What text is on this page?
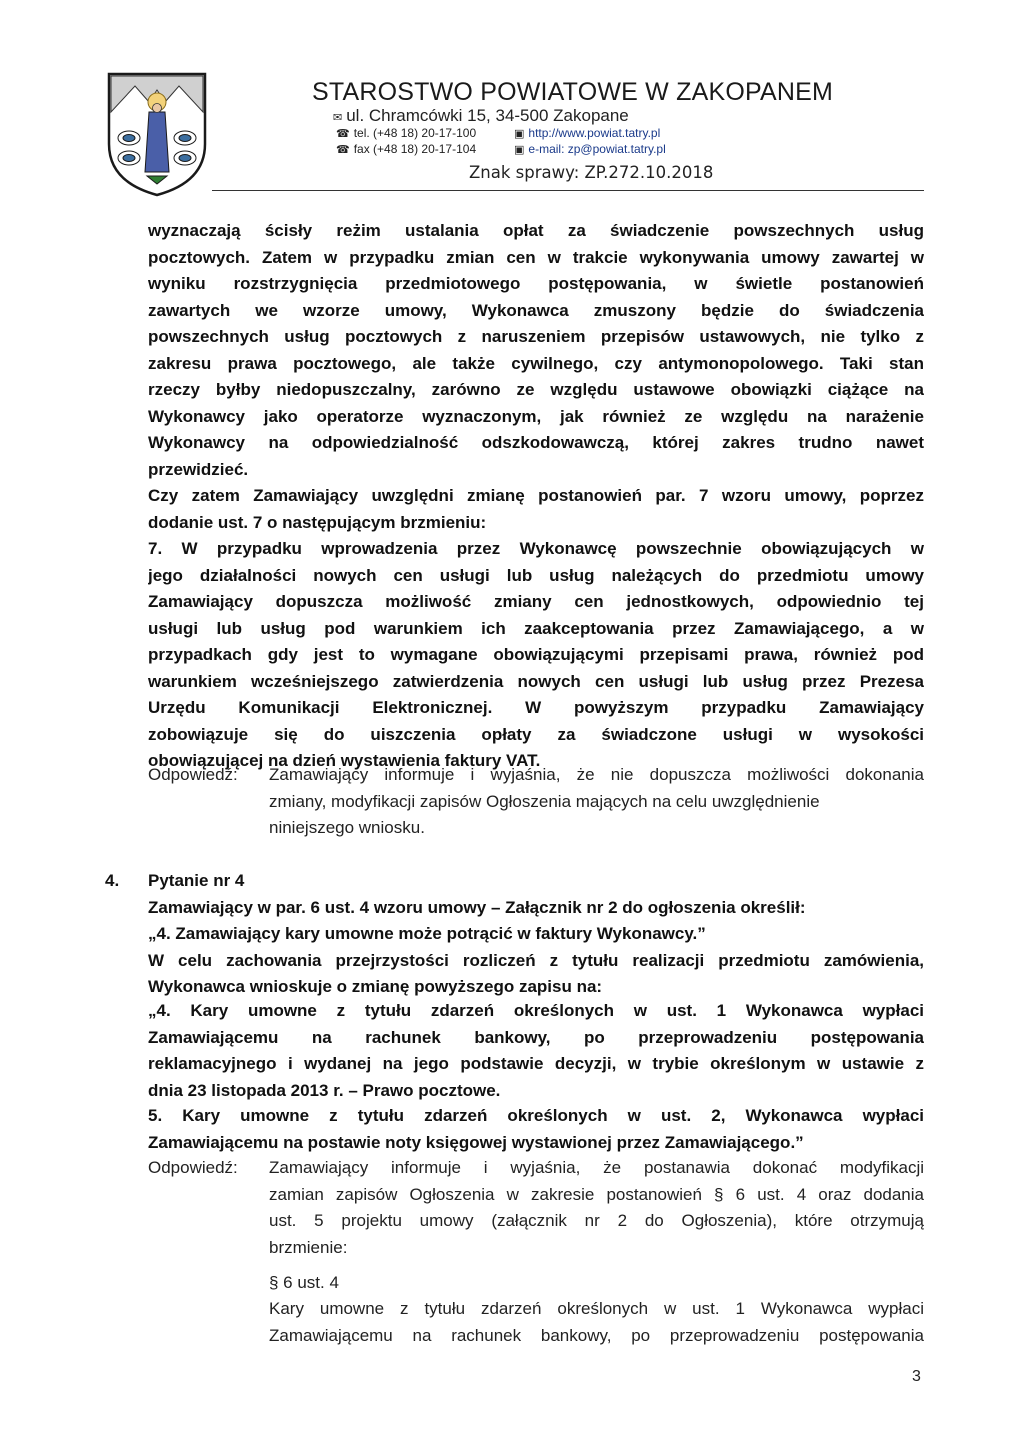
STAROSTWO POWIATOWE W ZAKOPANEM
✉ ul. Chramcówki 15, 34-500 Zakopane
☎ tel. (+48 18) 20-17-100	▣ http://www.powiat.tatry.pl
☎ fax (+48 18) 20-17-104	▣ e-mail: zp@powiat.tatry.pl
Znak sprawy: ZP.272.10.2018
wyznaczają ścisły reżim ustalania opłat za świadczenie powszechnych usług
pocztowych. Zatem w przypadku zmian cen w trakcie wykonywania umowy zawartej w
wyniku rozstrzygnięcia przedmiotowego postępowania, w świetle postanowień
zawartych we wzorze umowy, Wykonawca zmuszony będzie do świadczenia
powszechnych usług pocztowych z naruszeniem przepisów ustawowych, nie tylko z
zakresu prawa pocztowego, ale także cywilnego, czy antymonopolowego. Taki stan
rzeczy byłby niedopuszczalny, zarówno ze względu ustawowe obowiązki ciążące na
Wykonawcy jako operatorze wyznaczonym, jak również ze względu na narażenie
Wykonawcy na odpowiedzialność odszkodowawczą, której zakres trudno nawet
przewidzieć.
Czy zatem Zamawiający uwzględni zmianę postanowień par. 7 wzoru umowy, poprzez
dodanie ust. 7 o następującym brzmieniu:
7. W przypadku wprowadzenia przez Wykonawcę powszechnie obowiązujących w
jego działalności nowych cen usługi lub usług należących do przedmiotu umowy
Zamawiający dopuszcza możliwość zmiany cen jednostkowych, odpowiednio tej
usługi lub usług pod warunkiem ich zaakceptowania przez Zamawiającego, a w
przypadkach gdy jest to wymagane obowiązującymi przepisami prawa, również pod
warunkiem wcześniejszego zatwierdzenia nowych cen usługi lub usług przez Prezesa
Urzędu Komunikacji Elektronicznej. W powyższym przypadku Zamawiający
zobowiązuje się do uiszczenia opłaty za świadczone usługi w wysokości
obowiązującej na dzień wystawienia faktury VAT.
Odpowiedź: Zamawiający informuje i wyjaśnia, że nie dopuszcza możliwości dokonania
zmiany, modyfikacji zapisów Ogłoszenia mających na celu uwzględnienie
niniejszego wniosku.
4. Pytanie nr 4
Zamawiający w par. 6 ust. 4 wzoru umowy – Załącznik nr 2 do ogłoszenia określił:
„4. Zamawiający kary umowne może potrącić w faktury Wykonawcy.”
W celu zachowania przejrzystości rozliczeń z tytułu realizacji przedmiotu zamówienia,
Wykonawca wnioskuje o zmianę powyższego zapisu na:
„4. Kary umowne z tytułu zdarzeń określonych w ust. 1 Wykonawca wypłaci
Zamawiającemu na rachunek bankowy, po przeprowadzeniu postępowania
reklamacyjnego i wydanej na jego podstawie decyzji, w trybie określonym w ustawie z
dnia 23 listopada 2013 r. – Prawo pocztowe.
5. Kary umowne z tytułu zdarzeń określonych w ust. 2, Wykonawca wypłaci
Zamawiającemu na postawie noty księgowej wystawionej przez Zamawiającego.”
Odpowiedź: Zamawiający informuje i wyjaśnia, że postanawia dokonać modyfikacji
zamian zapisów Ogłoszenia w zakresie postanowień § 6 ust. 4 oraz dodania
ust. 5 projektu umowy (załącznik nr 2 do Ogłoszenia), które otrzymują
brzmienie:
§ 6 ust. 4
Kary umowne z tytułu zdarzeń określonych w ust. 1 Wykonawca wypłaci
Zamawiającemu na rachunek bankowy, po przeprowadzeniu postępowania
3
